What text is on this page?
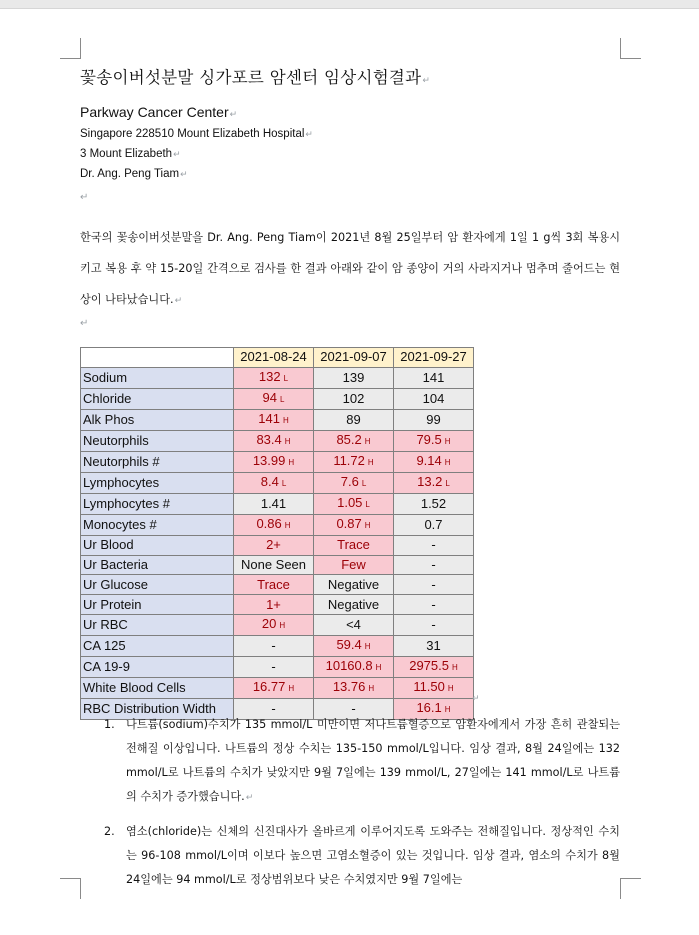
꽃송이버섯분말 싱가포르 암센터 임상시험결과↵
Parkway Cancer Center↵
Singapore 228510 Mount Elizabeth Hospital↵
3 Mount Elizabeth↵
Dr. Ang. Peng Tiam↵
↵
한국의 꽃송이버섯분말을 Dr. Ang. Peng Tiam이 2021년 8월 25일부터 암 환자에게 1일 1 g씩 3회 복용시키고 복용 후 약 15-20일 간격으로 검사를 한 결과 아래와 같이 암 종양이 거의 사라지거나 멈추며 줄어드는 현상이 나타났습니다.↵
↵
	2021-08-24	2021-09-07	2021-09-27
Sodium	132 L	139	141
Chloride	94 L	102	104
Alk Phos	141 H	89	99
Neutorphils	83.4 H	85.2 H	79.5 H
Neutorphils #	13.99 H	11.72 H	9.14 H
Lymphocytes	8.4 L	7.6 L	13.2 L
Lymphocytes #	1.41	1.05 L	1.52
Monocytes #	0.86 H	0.87 H	0.7
Ur Blood	2+	Trace	-
Ur Bacteria	None Seen	Few	-
Ur Glucose	Trace	Negative	-
Ur Protein	1+	Negative	-
Ur RBC	20 H	<4	-
CA 125	-	59.4 H	31
CA 19-9	-	10160.8 H	2975.5 H
White Blood Cells	16.77 H	13.76 H	11.50 H
RBC Distribution Width	-	-	16.1 H
↵
1. 나트륨(sodium)수치가 135 mmol/L 미만이면 저나트륨혈증으로 암환자에게서 가장 흔히 관찰되는 전해질 이상입니다. 나트륨의 정상 수치는 135-150 mmol/L입니다. 임상 결과, 8월 24일에는 132 mmol/L로 나트륨의 수치가 낮았지만 9월 7일에는 139 mmol/L, 27일에는 141 mmol/L로 나트륨의 수치가 증가했습니다.↵
2. 염소(chloride)는 신체의 신진대사가 올바르게 이루어지도록 도와주는 전해질입니다. 정상적인 수치는 96-108 mmol/L이며 이보다 높으면 고염소혈증이 있는 것입니다. 임상 결과, 염소의 수치가 8월 24일에는 94 mmol/L로 정상범위보다 낮은 수치였지만 9월 7일에는
